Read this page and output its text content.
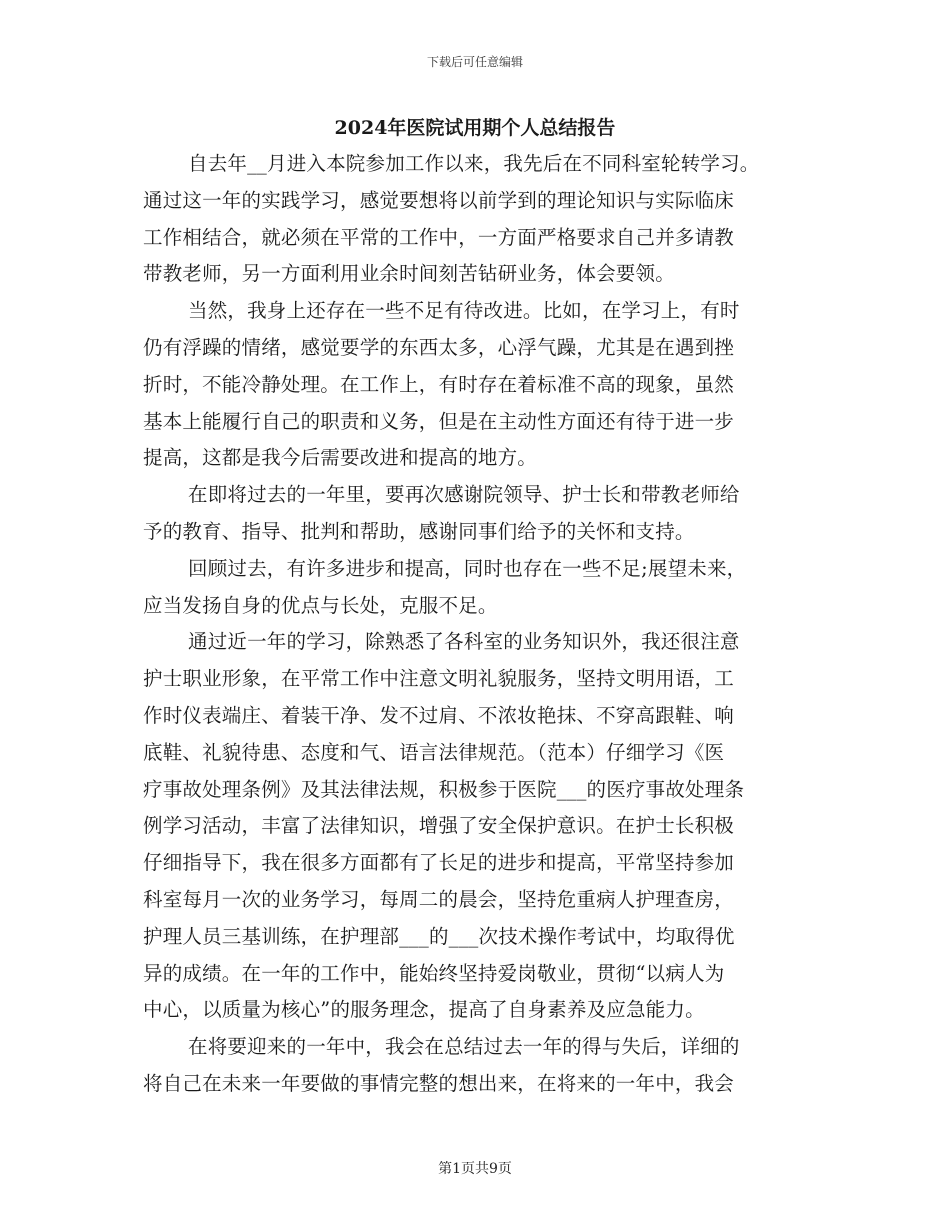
下载后可任意编辑
2024年医院试用期个人总结报告
自去年__月进入本院参加工作以来，我先后在不同科室轮转学习。
通过这一年的实践学习，感觉要想将以前学到的理论知识与实际临床
工作相结合，就必须在平常的工作中，一方面严格要求自己并多请教
带教老师，另一方面利用业余时间刻苦钻研业务，体会要领。
当然，我身上还存在一些不足有待改进。比如，在学习上，有时
仍有浮躁的情绪，感觉要学的东西太多，心浮气躁，尤其是在遇到挫
折时，不能冷静处理。在工作上，有时存在着标准不高的现象，虽然
基本上能履行自己的职责和义务，但是在主动性方面还有待于进一步
提高，这都是我今后需要改进和提高的地方。
在即将过去的一年里，要再次感谢院领导、护士长和带教老师给
予的教育、指导、批判和帮助，感谢同事们给予的关怀和支持。
回顾过去，有许多进步和提高，同时也存在一些不足;展望未来，
应当发扬自身的优点与长处，克服不足。
通过近一年的学习，除熟悉了各科室的业务知识外，我还很注意
护士职业形象，在平常工作中注意文明礼貌服务，坚持文明用语，工
作时仪表端庄、着装干净、发不过肩、不浓妆艳抹、不穿高跟鞋、响
底鞋、礼貌待患、态度和气、语言法律规范。（范本）仔细学习《医
疗事故处理条例》及其法律法规，积极参于医院___的医疗事故处理条
例学习活动，丰富了法律知识，增强了安全保护意识。在护士长积极
仔细指导下，我在很多方面都有了长足的进步和提高，平常坚持参加
科室每月一次的业务学习，每周二的晨会，坚持危重病人护理查房，
护理人员三基训练，在护理部___的___次技术操作考试中，均取得优
异的成绩。在一年的工作中，能始终坚持爱岗敬业，贯彻“以病人为
中心，以质量为核心”的服务理念，提高了自身素养及应急能力。
在将要迎来的一年中，我会在总结过去一年的得与失后，详细的
将自己在未来一年要做的事情完整的想出来，在将来的一年中，我会
第1页共9页
